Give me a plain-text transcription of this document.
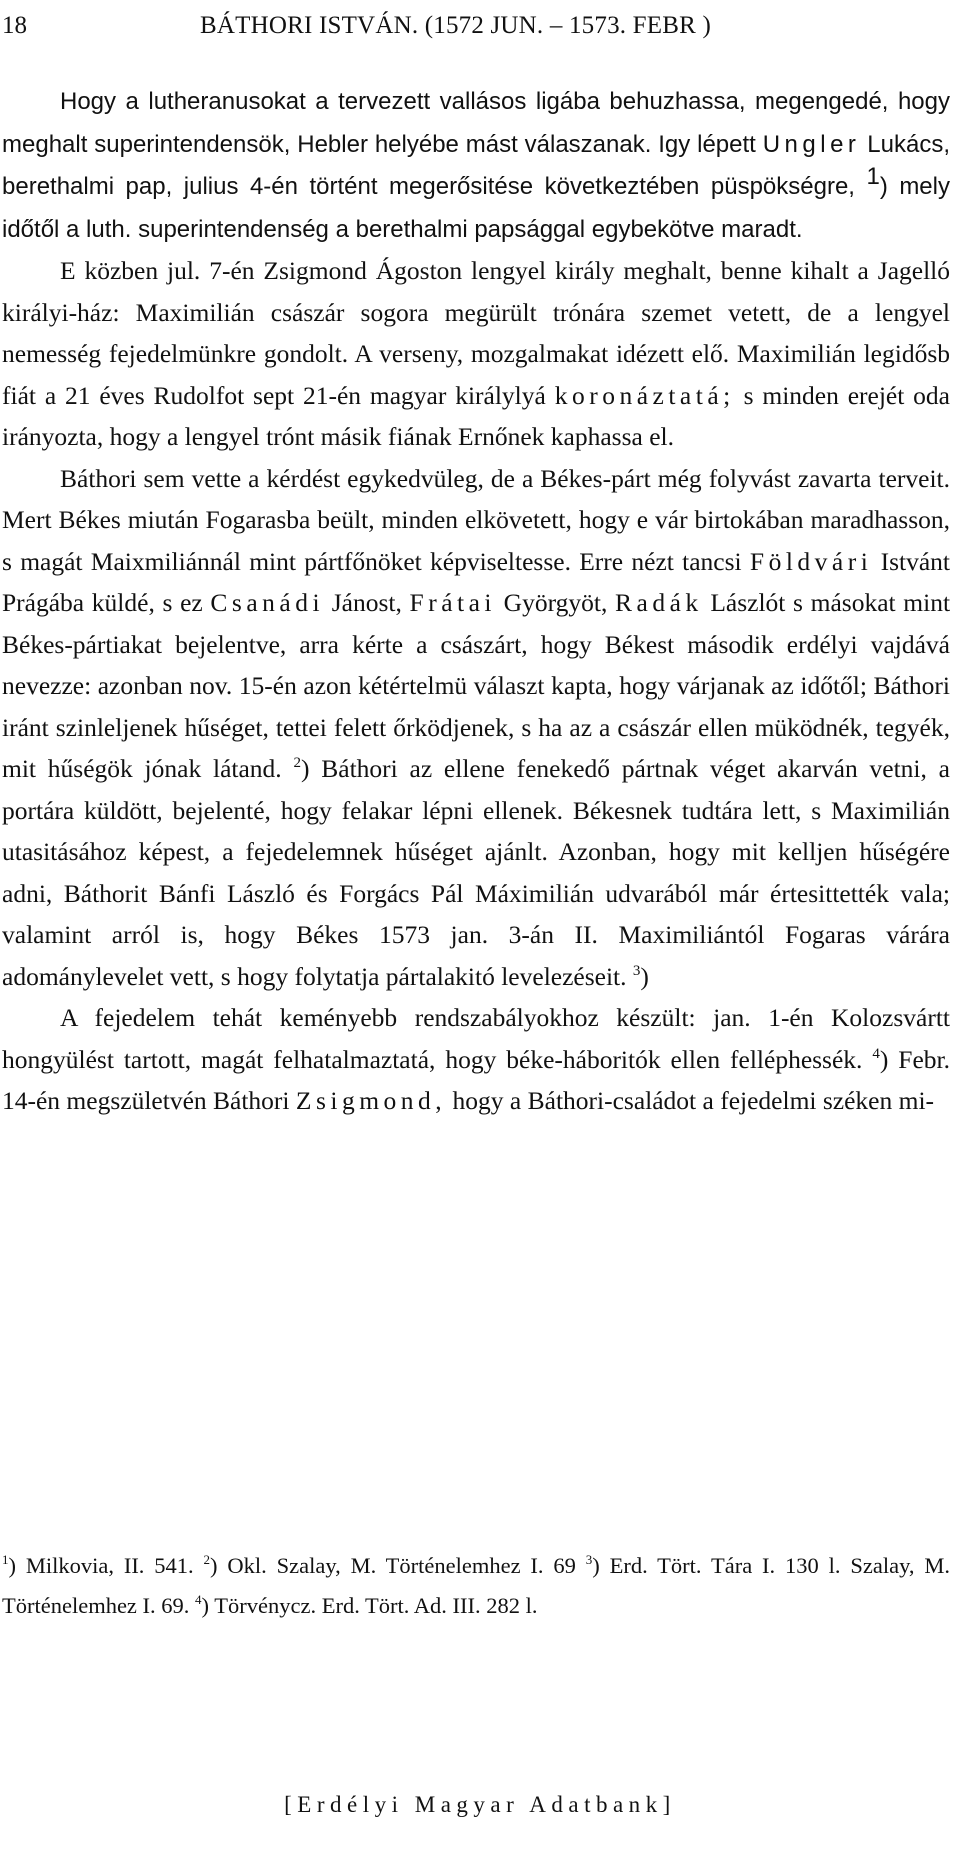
18	BÁTHORI ISTVÁN. (1572 JUN. – 1573. FEBR )

Hogy a lutheranusokat a tervezett vallásos ligába behuzhassa, megengedé, hogy meghalt superintendensök, Hebler helyébe mást válaszanak. Igy lépett Ungler Lukács, berethalmi pap, julius 4-én történt megerősitése következtében püspökségre, $^1$) mely időtől a luth. superintendenség a berethalmi papsággal egybekötve maradt.

E közben jul. 7-én Zsigmond Ágoston lengyel király meghalt, benne kihalt a Jagelló királyi-ház: Maximilián császár sogora megürült trónára szemet vetett, de a lengyel nemesség fejedelmünkre gondolt. A verseny, mozgalmakat idézett elő. Maximilián legidősb fiát a 21 éves Rudolfot sept 21-én magyar királylyá koronáztatá; s minden erejét oda irányozta, hogy a lengyel trónt másik fiának Ernőnek kaphassa el.

Báthori sem vette a kérdést egykedvüleg, de a Békes-párt még folyvást zavarta terveit. Mert Békes miután Fogarasba beült, minden elkövetett, hogy e vár birtokában maradhasson, s magát Maixmiliánnál mint pártfőnöket képviseltesse. Erre nézt tancsi Földvári Istvánt Prágába küldé, s ez Csanádi Jánost, Frátai Györgyöt, Radák Lászlót s másokat mint Békes-pártiakat bejelentve, arra kérte a császárt, hogy Békest második erdélyi vajdává nevezze: azonban nov. 15-én azon kétértelmü választ kapta, hogy várjanak az időtől; Báthori iránt szinleljenek hűséget, tettei felett őrködjenek, s ha az a császár ellen müködnék, tegyék, mit hűségök jónak látand. $^2$) Báthori az ellene fenekedő pártnak véget akarván vetni, a portára küldött, bejelenté, hogy felakar lépni ellenek. Békesnek tudtára lett, s Maximilián utasitásához képest, a fejedelemnek hűséget ajánlt. Azonban, hogy mit kelljen hűségére adni, Báthorit Bánfi László és Forgács Pál Máximilián udvarából már értesittették vala; valamint arról is, hogy Békes 1573 jan. 3-án II. Maximiliántól Fogaras várára adománylevelet vett, s hogy folytatja pártalakitó levelezéseit. $^3$)

A fejedelem tehát keményebb rendszabályokhoz készült: jan. 1-én Kolozsvártt hongyülést tartott, magát felhatalmaztatá, hogy béke-háboritók ellen felléphessék. $^4$) Febr. 14-én megszületvén Báthori Zsigmond, hogy a Báthori-családot a fejedelmi széken mi-

$^1$) Milkovia, II. 541. $^2$) Okl. Szalay, M. Történelemhez I. 69 $^3$) Erd. Tört. Tára I. 130 l. Szalay, M. Történelemhez I. 69. $^4$) Törvénycz. Erd. Tört. Ad. III. 282 l.
[Erdélyi Magyar Adatbank]
